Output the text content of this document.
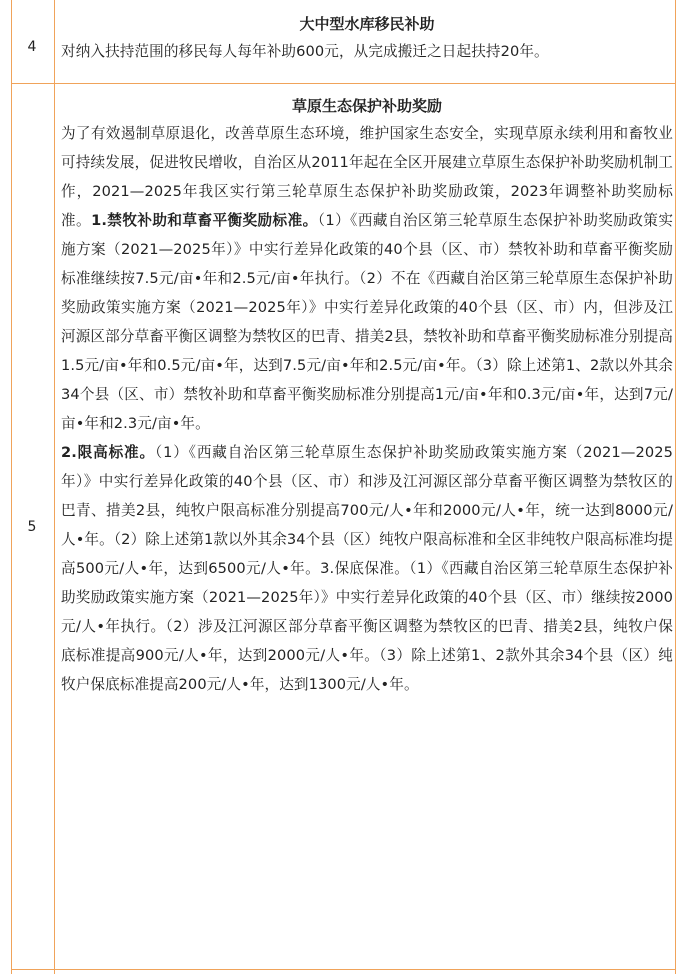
4
大中型水库移民补助
对纳入扶持范围的移民每人每年补助600元，从完成搬迁之日起扶持20年。
5
草原生态保护补助奖励
为了有效遏制草原退化，改善草原生态环境，维护国家生态安全，实现草原永续利用和畜牧业可持续发展，促进牧民增收，自治区从2011年起在全区开展建立草原生态保护补助奖励机制工作，2021—2025年我区实行第三轮草原生态保护补助奖励政策，2023年调整补助奖励标准。1.禁牧补助和草畜平衡奖励标准。（1）《西藏自治区第三轮草原生态保护补助奖励政策实施方案（2021—2025年）》中实行差异化政策的40个县（区、市）禁牧补助和草畜平衡奖励标准继续按7.5元/亩•年和2.5元/亩•年执行。（2）不在《西藏自治区第三轮草原生态保护补助奖励政策实施方案（2021—2025年）》中实行差异化政策的40个县（区、市）内，但涉及江河源区部分草畜平衡区调整为禁牧区的巴青、措美2县，禁牧补助和草畜平衡奖励标准分别提高1.5元/亩•年和0.5元/亩•年，达到7.5元/亩•年和2.5元/亩•年。（3）除上述第1、2款以外其余34个县（区、市）禁牧补助和草畜平衡奖励标准分别提高1元/亩•年和0.3元/亩•年，达到7元/亩•年和2.3元/亩•年。
2.限高标准。（1）《西藏自治区第三轮草原生态保护补助奖励政策实施方案（2021—2025年）》中实行差异化政策的40个县（区、市）和涉及江河源区部分草畜平衡区调整为禁牧区的巴青、措美2县，纯牧户限高标准分别提高700元/人•年和2000元/人•年，统一达到8000元/人•年。（2）除上述第1款以外其余34个县（区）纯牧户限高标准和全区非纯牧户限高标准均提高500元/人•年，达到6500元/人•年。3.保底保准。（1）《西藏自治区第三轮草原生态保护补助奖励政策实施方案（2021—2025年）》中实行差异化政策的40个县（区、市）继续按2000元/人•年执行。（2）涉及江河源区部分草畜平衡区调整为禁牧区的巴青、措美2县，纯牧户保底标准提高900元/人•年，达到2000元/人•年。（3）除上述第1、2款外其余34个县（区）纯牧户保底标准提高200元/人•年，达到1300元/人•年。
